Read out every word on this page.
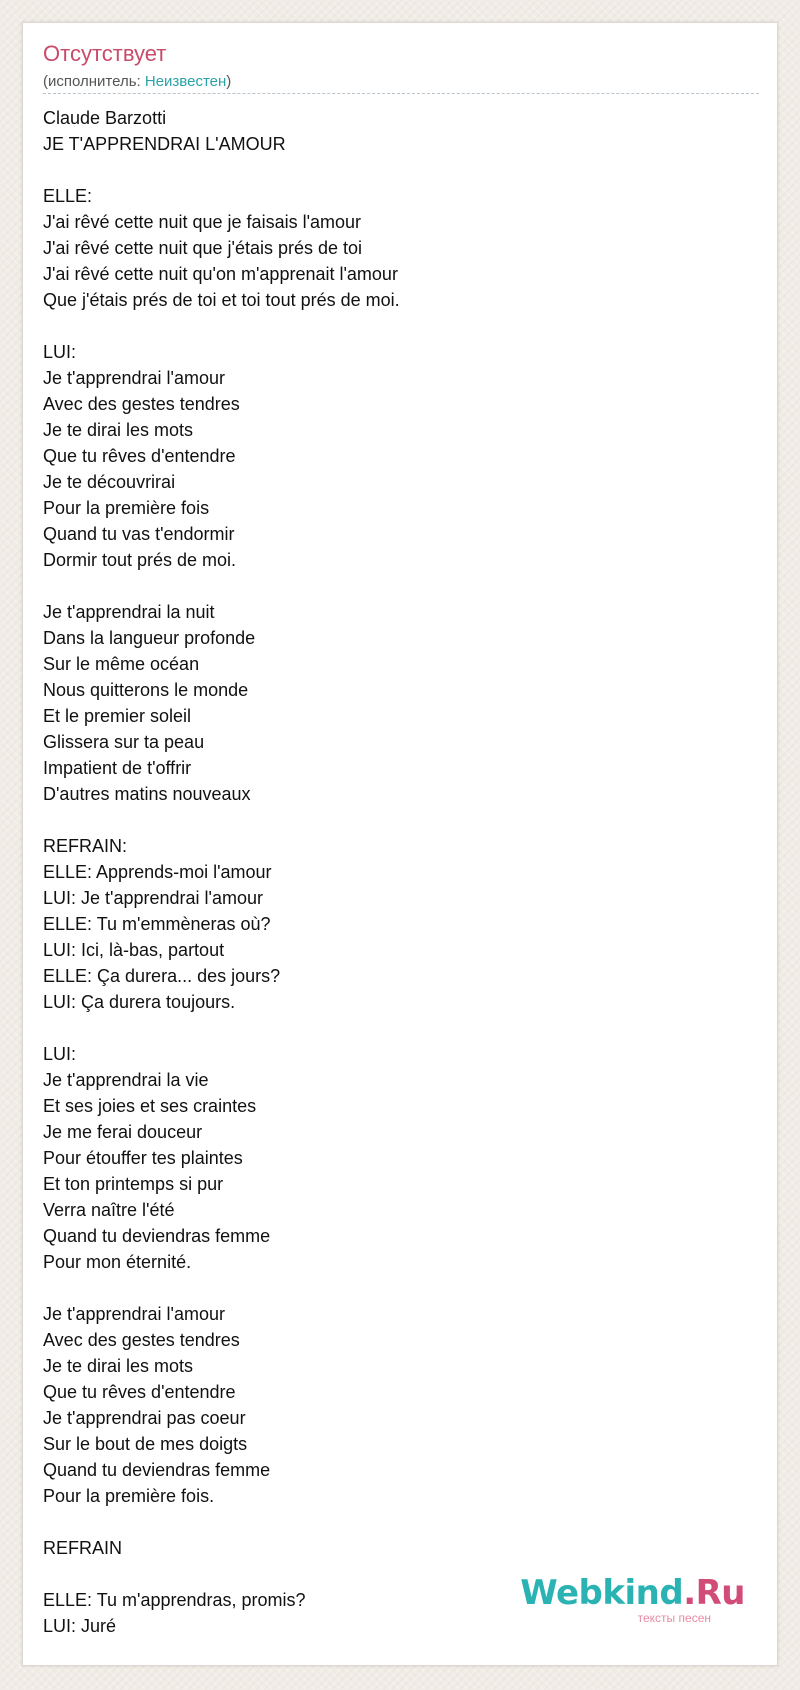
Отсутствует
(исполнитель: Неизвестен)
Claude Barzotti
JE T'APPRENDRAI L'AMOUR
ELLE:
J'ai rêvé cette nuit que je faisais l'amour
J'ai rêvé cette nuit que j'étais prés de toi
J'ai rêvé cette nuit qu'on m'apprenait l'amour
Que j'étais prés de toi et toi tout prés de moi.
LUI:
Je t'apprendrai l'amour
Avec des gestes tendres
Je te dirai les mots
Que tu rêves d'entendre
Je te découvrirai
Pour la première fois
Quand tu vas t'endormir
Dormir tout prés de moi.
Je t'apprendrai la nuit
Dans la langueur profonde
Sur le même océan
Nous quitterons le monde
Et le premier soleil
Glissera sur ta peau
Impatient de t'offrir
D'autres matins nouveaux
REFRAIN:
ELLE: Apprends-moi l'amour
LUI: Je t'apprendrai l'amour
ELLE: Tu m'emmèneras où?
LUI: Ici, là-bas, partout
ELLE: Ça durera... des jours?
LUI: Ça durera toujours.
LUI:
Je t'apprendrai la vie
Et ses joies et ses craintes
Je me ferai douceur
Pour étouffer tes plaintes
Et ton printemps si pur
Verra naître l'été
Quand tu deviendras femme
Pour mon éternité.
Je t'apprendrai l'amour
Avec des gestes tendres
Je te dirai les mots
Que tu rêves d'entendre
Je t'apprendrai pas coeur
Sur le bout de mes doigts
Quand tu deviendras femme
Pour la première fois.
REFRAIN
ELLE: Tu m'apprendras, promis?
LUI: Juré
Webkind.Ru
тексты песен
